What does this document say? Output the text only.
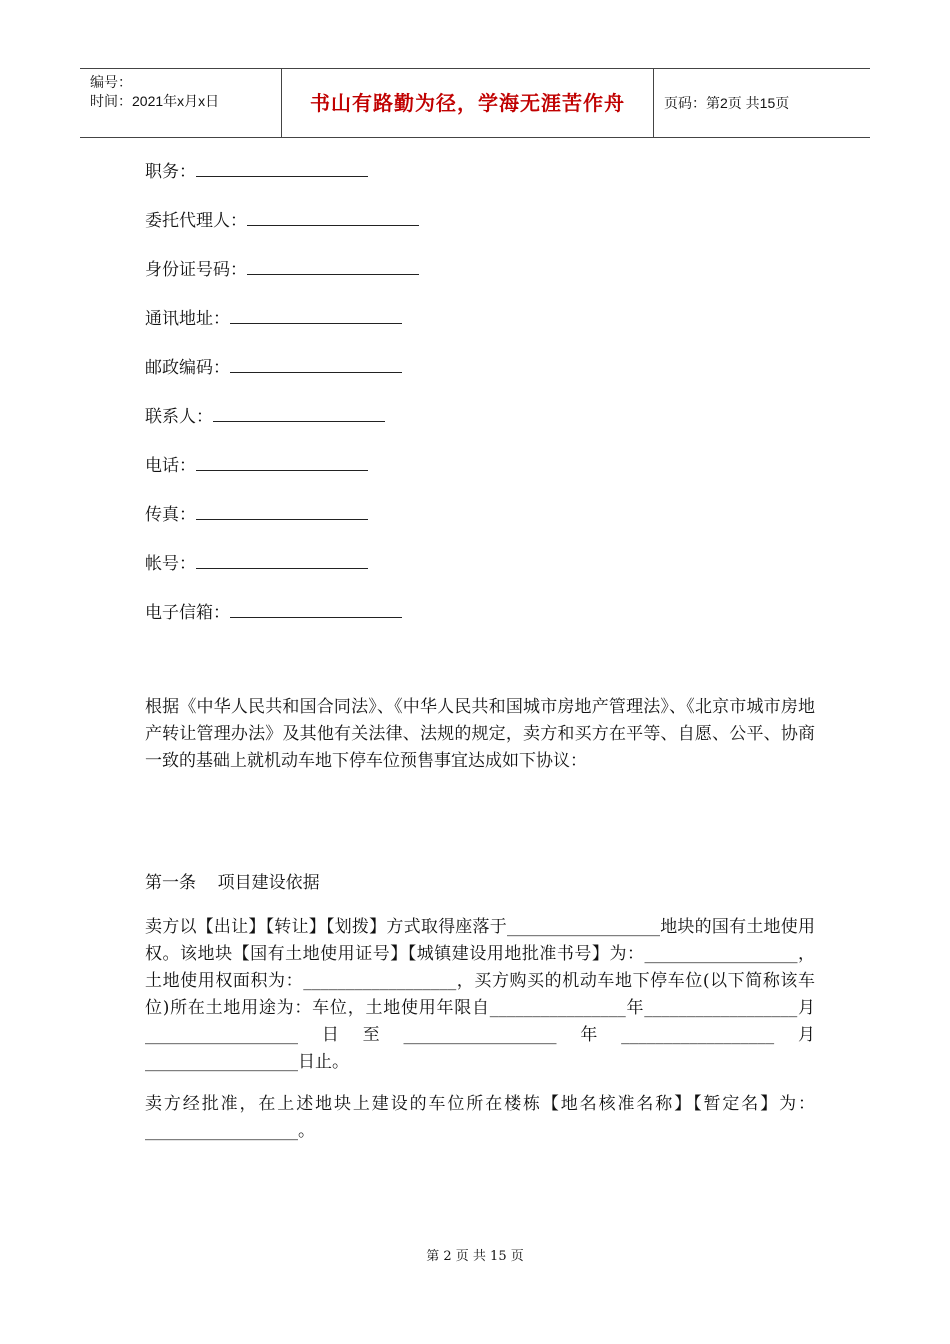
编号：
时间：2021年x月x日	书山有路勤为径，学海无涯苦作舟	页码：第2页 共15页
职务：
委托代理人：
身份证号码：
通讯地址：
邮政编码：
联系人：
电话：
传真：
帐号：
电子信箱：
根据《中华人民共和国合同法》、《中华人民共和国城市房地产管理法》、《北京市城市房地产转让管理办法》及其他有关法律、法规的规定，卖方和买方在平等、自愿、公平、协商一致的基础上就机动车地下停车位预售事宜达成如下协议：
第一条    项目建设依据
卖方以【出让】【转让】【划拨】方式取得座落于__________________地块的国有土地使用权。该地块【国有土地使用证号】【城镇建设用地批准书号】为：__________________，土地使用权面积为：__________________，买方购买的机动车地下停车位(以下简称该车位)所在土地用途为：车位，土地使用年限自________________年__________________月__________________日至__________________年__________________月__________________日止。
卖方经批准，在上述地块上建设的车位所在楼栋【地名核准名称】【暂定名】为：__________________。
第 2 页 共 15 页
